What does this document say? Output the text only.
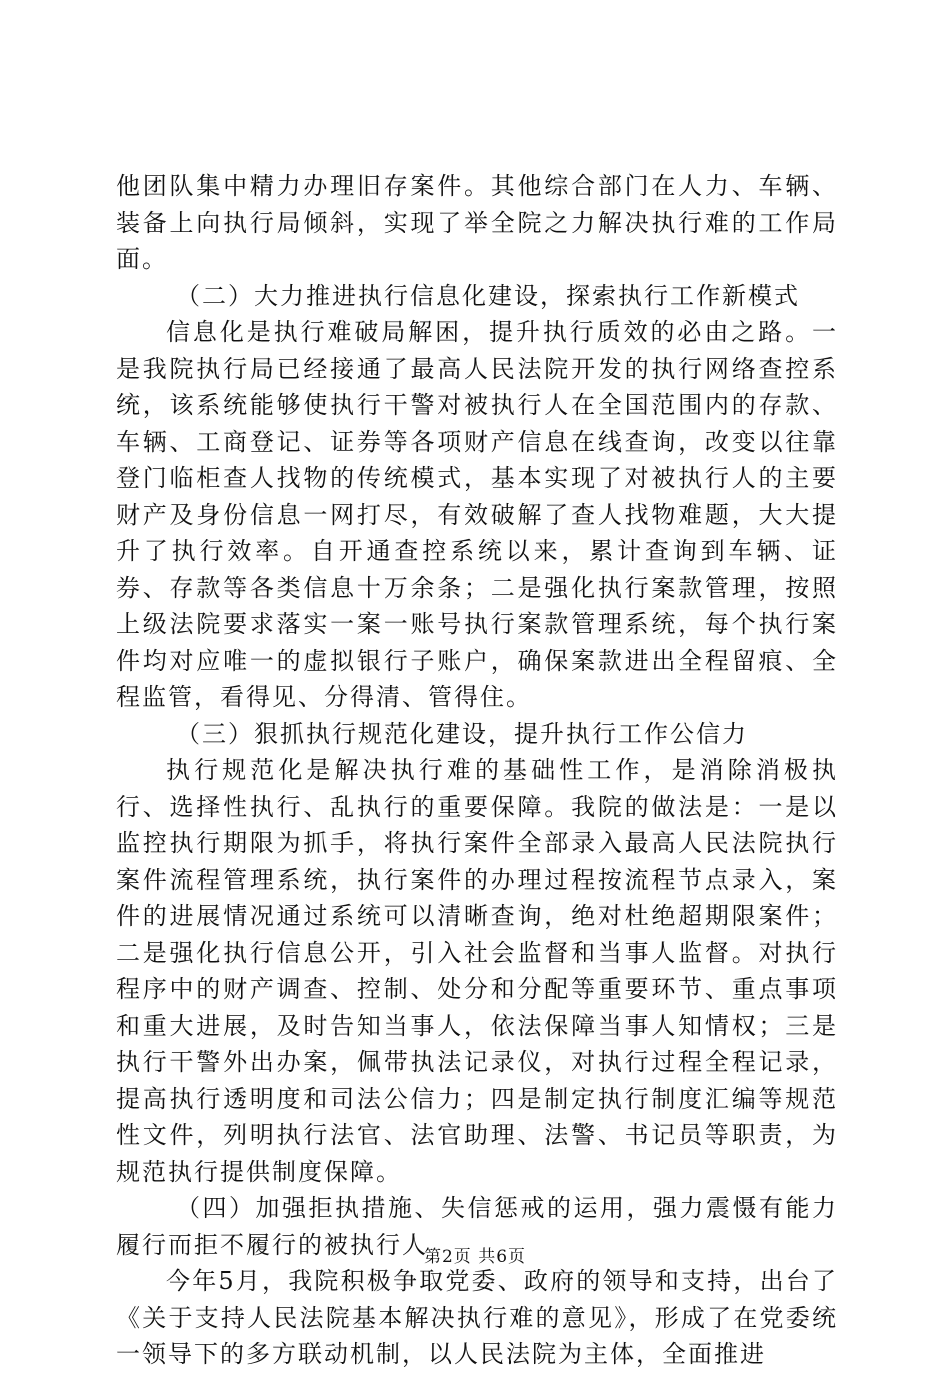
他团队集中精力办理旧存案件。其他综合部门在人力、车辆、装备上向执行局倾斜，实现了举全院之力解决执行难的工作局面。

（二）大力推进执行信息化建设，探索执行工作新模式

信息化是执行难破局解困，提升执行质效的必由之路。一是我院执行局已经接通了最高人民法院开发的执行网络查控系统，该系统能够使执行干警对被执行人在全国范围内的存款、车辆、工商登记、证券等各项财产信息在线查询，改变以往靠登门临柜查人找物的传统模式，基本实现了对被执行人的主要财产及身份信息一网打尽，有效破解了查人找物难题，大大提升了执行效率。自开通查控系统以来，累计查询到车辆、证券、存款等各类信息十万余条；二是强化执行案款管理，按照上级法院要求落实一案一账号执行案款管理系统，每个执行案件均对应唯一的虚拟银行子账户，确保案款进出全程留痕、全程监管，看得见、分得清、管得住。

（三）狠抓执行规范化建设，提升执行工作公信力

执行规范化是解决执行难的基础性工作，是消除消极执行、选择性执行、乱执行的重要保障。我院的做法是：一是以监控执行期限为抓手，将执行案件全部录入最高人民法院执行案件流程管理系统，执行案件的办理过程按流程节点录入，案件的进展情况通过系统可以清晰查询，绝对杜绝超期限案件；二是强化执行信息公开，引入社会监督和当事人监督。对执行程序中的财产调查、控制、处分和分配等重要环节、重点事项和重大进展，及时告知当事人，依法保障当事人知情权；三是执行干警外出办案，佩带执法记录仪，对执行过程全程记录，提高执行透明度和司法公信力；四是制定执行制度汇编等规范性文件，列明执行法官、法官助理、法警、书记员等职责，为规范执行提供制度保障。

（四）加强拒执措施、失信惩戒的运用，强力震慑有能力履行而拒不履行的被执行人

今年5月，我院积极争取党委、政府的领导和支持，出台了《关于支持人民法院基本解决执行难的意见》，形成了在党委统一领导下的多方联动机制，以人民法院为主体，全面推进

第2页 共6页
